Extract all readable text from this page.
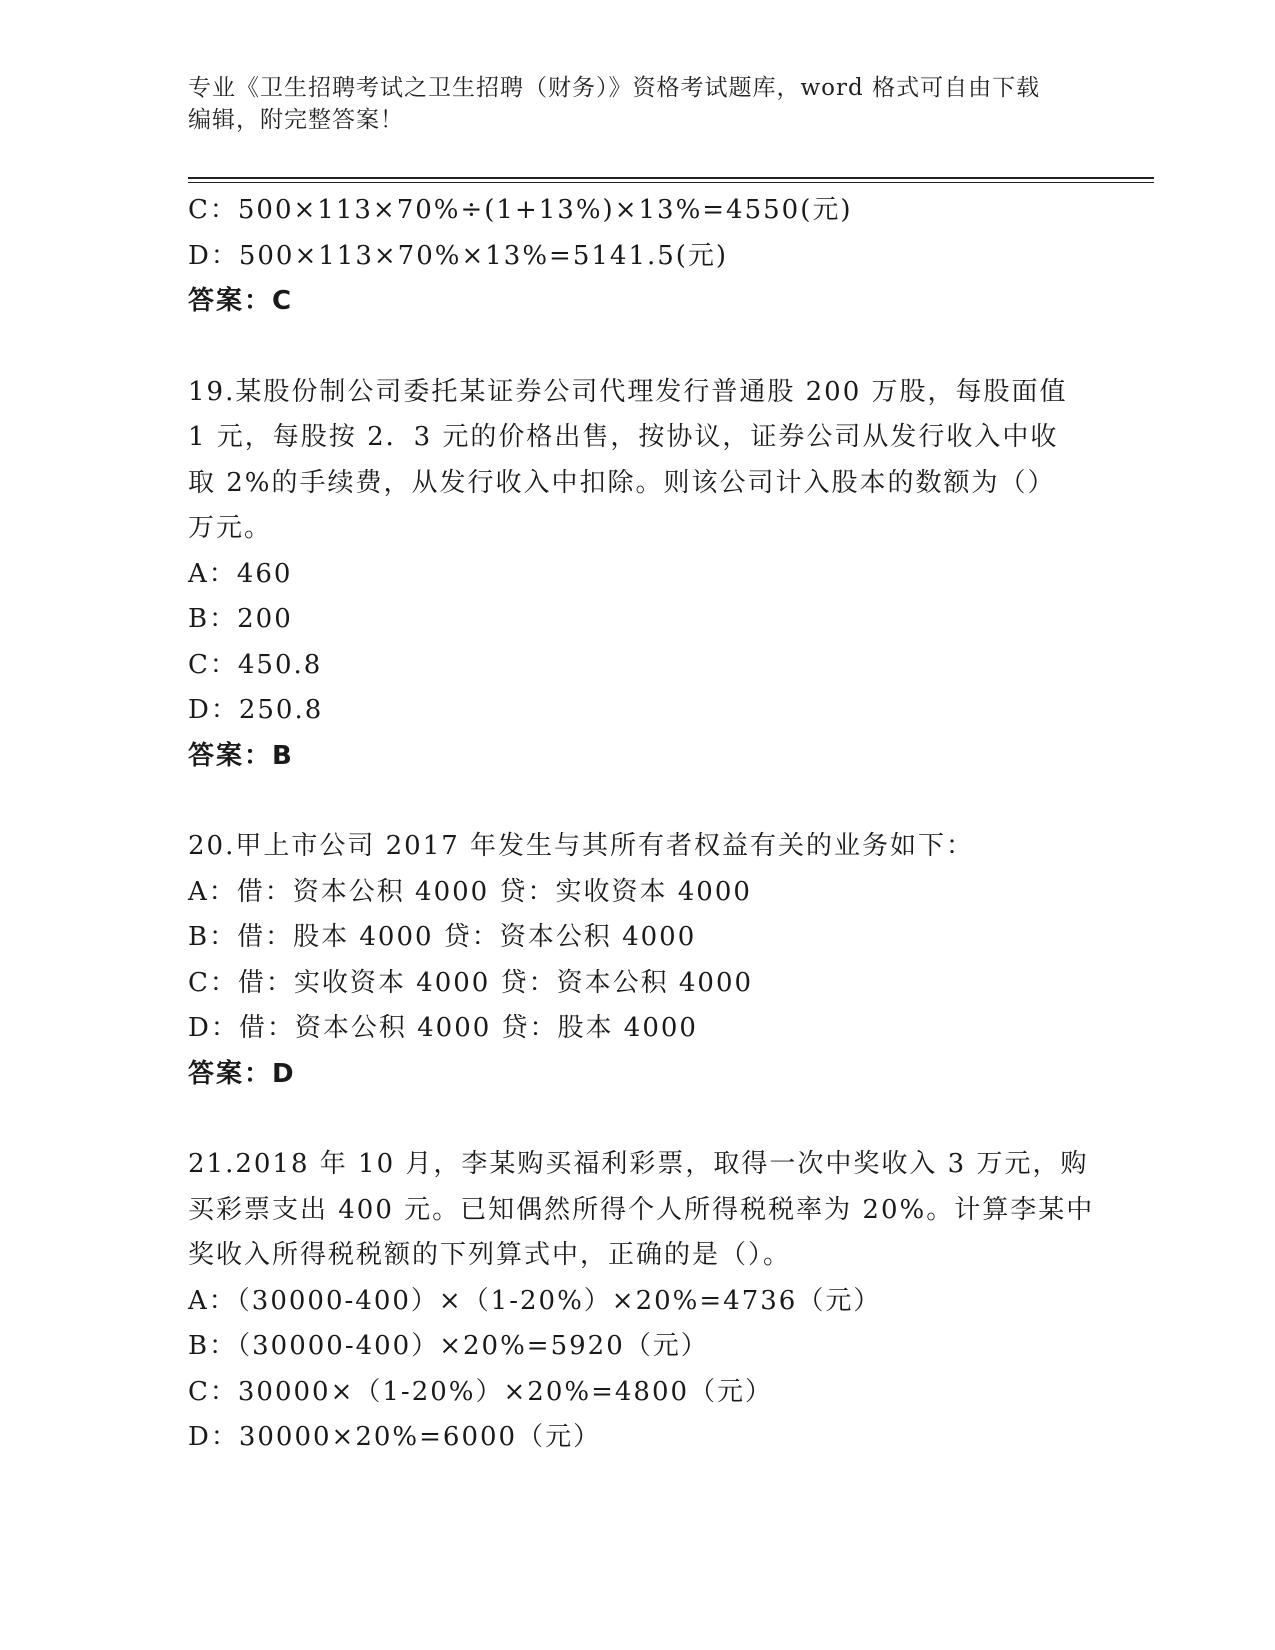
专业《卫生招聘考试之卫生招聘（财务）》资格考试题库，word 格式可自由下载
编辑，附完整答案！
C：500×113×70%÷(1+13%)×13%=4550(元)
D：500×113×70%×13%=5141.5(元)
答案：C
19.某股份制公司委托某证券公司代理发行普通股 200 万股，每股面值
1 元，每股按 2．3 元的价格出售，按协议，证券公司从发行收入中收
取 2%的手续费，从发行收入中扣除。则该公司计入股本的数额为（）
万元。
A：460
B：200
C：450.8
D：250.8
答案：B
20.甲上市公司 2017 年发生与其所有者权益有关的业务如下：
A：借：资本公积 4000 贷：实收资本 4000
B：借：股本 4000 贷：资本公积 4000
C：借：实收资本 4000 贷：资本公积 4000
D：借：资本公积 4000 贷：股本 4000
答案：D
21.2018 年 10 月，李某购买福利彩票，取得一次中奖收入 3 万元，购
买彩票支出 400 元。已知偶然所得个人所得税税率为 20%。计算李某中
奖收入所得税税额的下列算式中，正确的是（）。
A：（30000-400）×（1-20%）×20%=4736（元）
B：（30000-400）×20%=5920（元）
C：30000×（1-20%）×20%=4800（元）
D：30000×20%=6000（元）
